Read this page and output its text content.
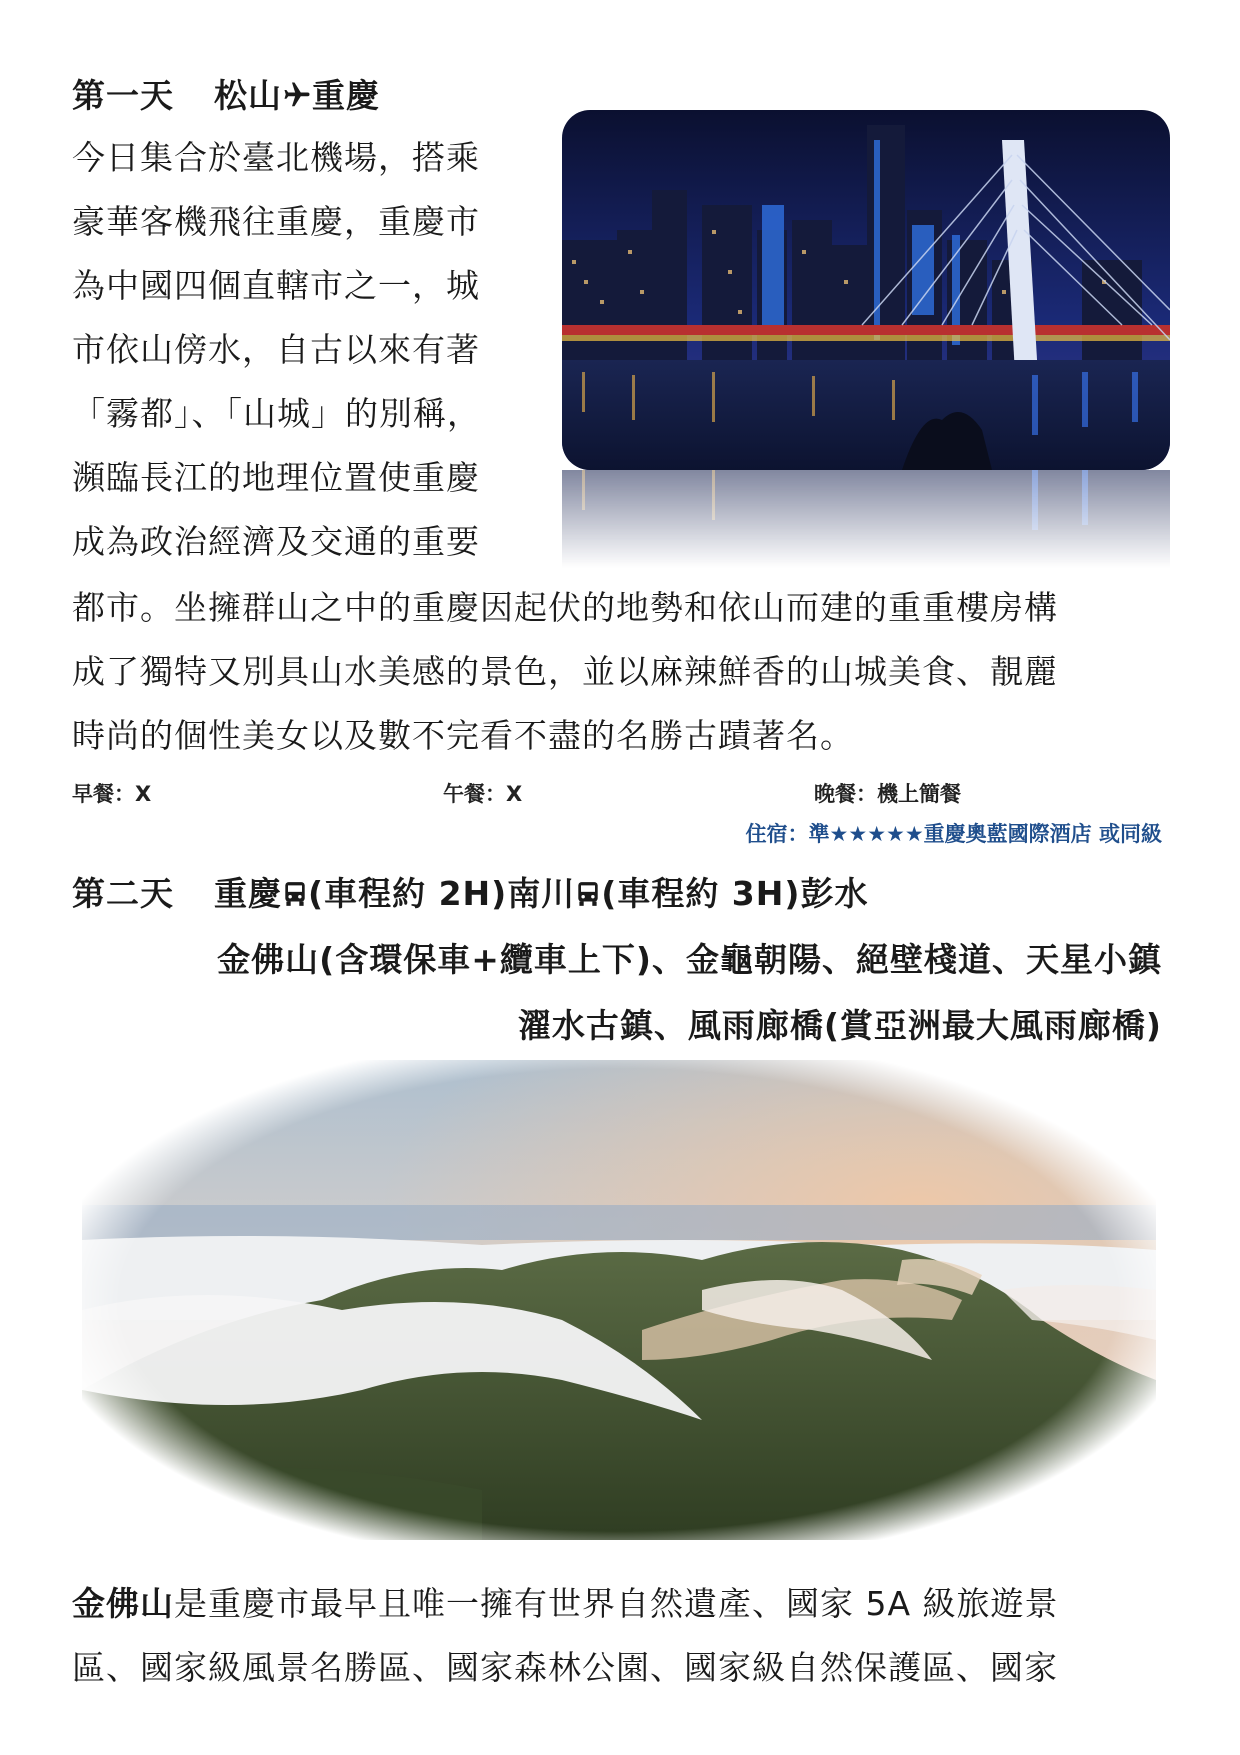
第一天 松山 重慶
今日集合於臺北機場，搭乘
豪華客機飛往重慶，重慶市
為中國四個直轄市之一，城
市依山傍水，自古以來有著
「霧都」、「山城」的別稱，
瀕臨長江的地理位置使重慶
成為政治經濟及交通的重要
都市。坐擁群山之中的重慶因起伏的地勢和依山而建的重重樓房構
成了獨特又別具山水美感的景色，並以麻辣鮮香的山城美食、靚麗
時尚的個性美女以及數不完看不盡的名勝古蹟著名。
早餐：X	午餐：X	晚餐：機上簡餐
住宿：準★★★★★重慶奧藍國際酒店 或同級
第二天 重慶 (車程約 2H)南川 (車程約 3H)彭水
金佛山(含環保車+纜車上下)、金龜朝陽、絕壁棧道、天星小鎮
濯水古鎮、風雨廊橋(賞亞洲最大風雨廊橋)
金佛山是重慶市最早且唯一擁有世界自然遺產、國家 5A 級旅遊景
區、國家級風景名勝區、國家森林公園、國家級自然保護區、國家
